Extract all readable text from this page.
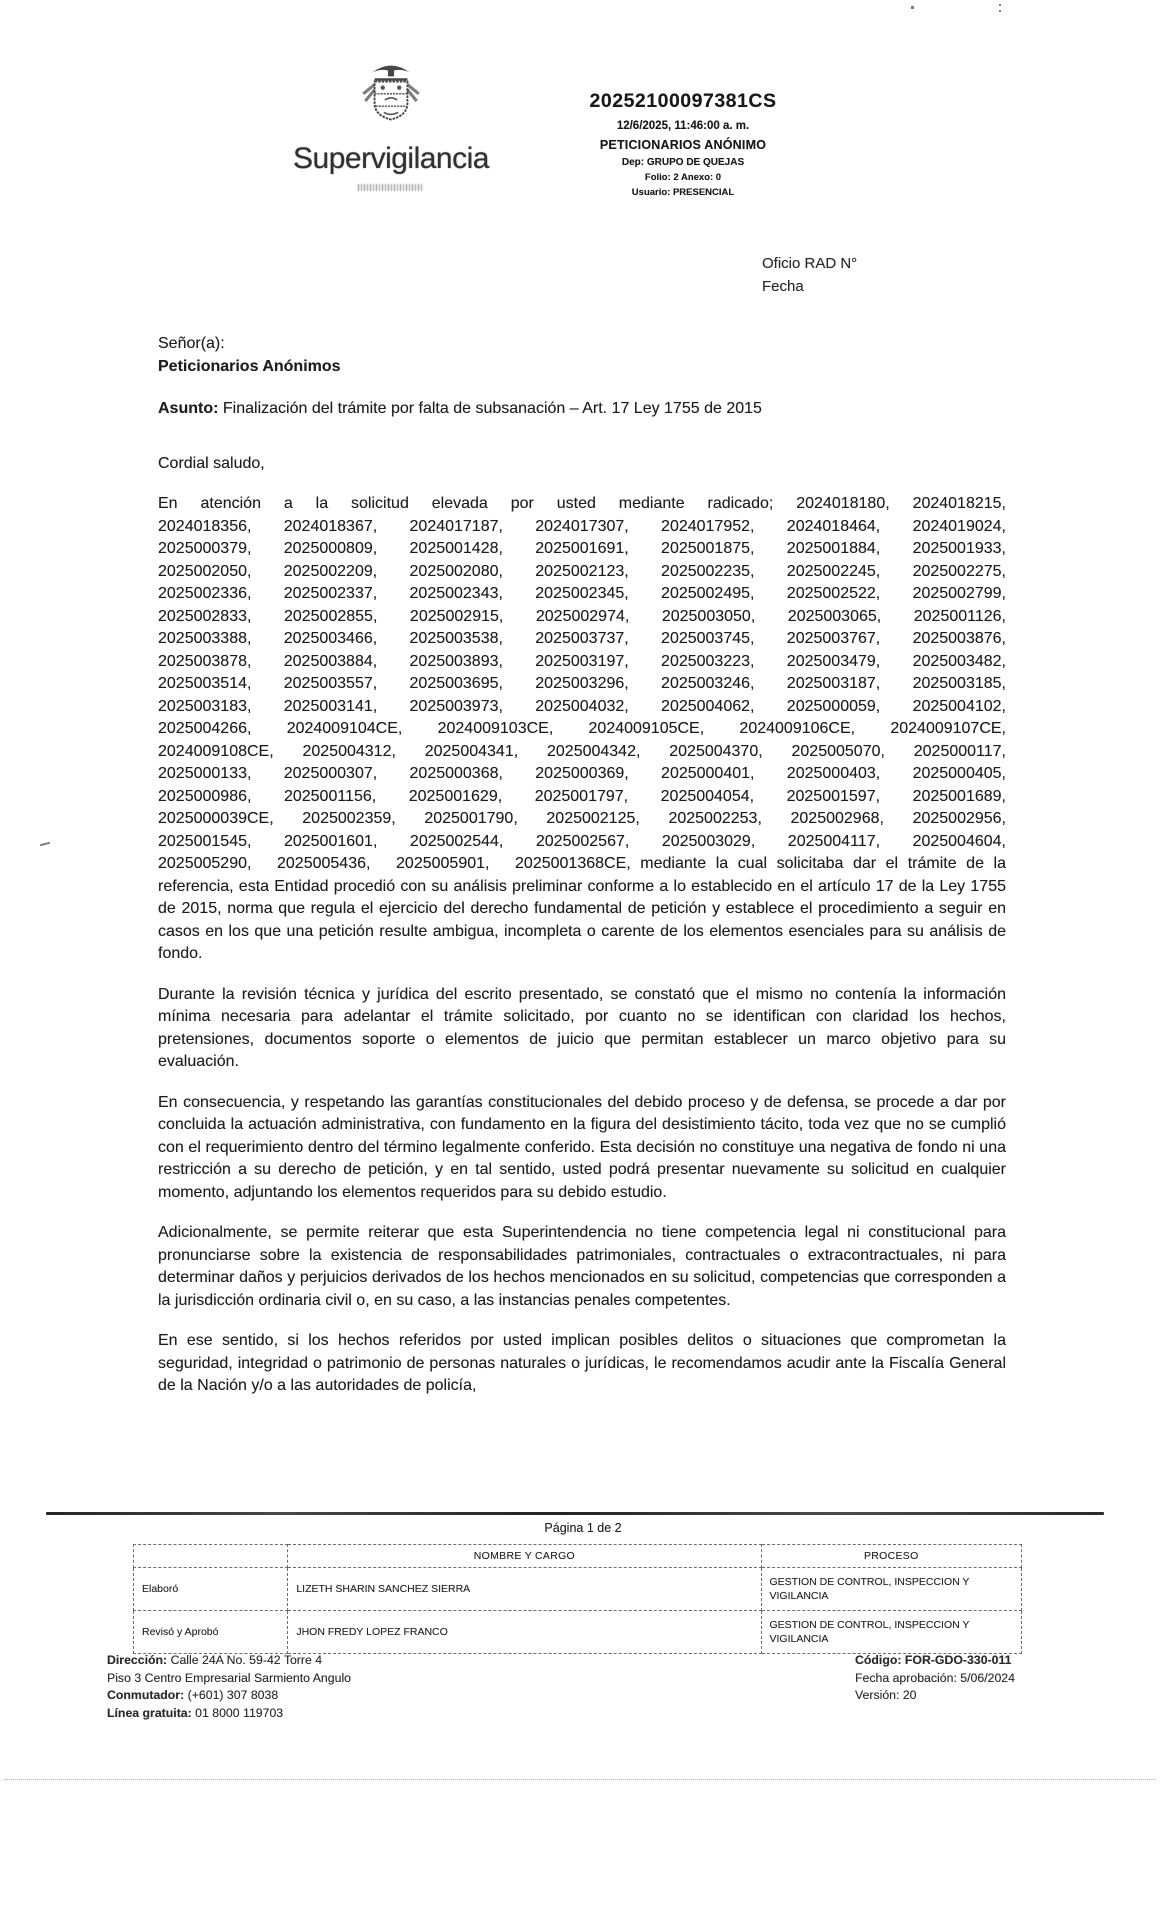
Supervigilancia
20252100097381CS
12/6/2025, 11:46:00 a. m.
PETICIONARIOS ANÓNIMO
Dep: GRUPO DE QUEJAS
Folio: 2 Anexo: 0
Usuario: PRESENCIAL
Oficio RAD N°
Fecha
Señor(a):
Peticionarios Anónimos

Asunto: Finalización del trámite por falta de subsanación – Art. 17 Ley 1755 de 2015

Cordial saludo,

En atención a la solicitud elevada por usted mediante radicado; 2024018180, 2024018215, 2024018356, 2024018367, 2024017187, 2024017307, 2024017952, 2024018464, 2024019024, 2025000379, 2025000809, 2025001428, 2025001691, 2025001875, 2025001884, 2025001933, 2025002050, 2025002209, 2025002080, 2025002123, 2025002235, 2025002245, 2025002275, 2025002336, 2025002337, 2025002343, 2025002345, 2025002495, 2025002522, 2025002799, 2025002833, 2025002855, 2025002915, 2025002974, 2025003050, 2025003065, 2025001126, 2025003388, 2025003466, 2025003538, 2025003737, 2025003745, 2025003767, 2025003876, 2025003878, 2025003884, 2025003893, 2025003197, 2025003223, 2025003479, 2025003482, 2025003514, 2025003557, 2025003695, 2025003296, 2025003246, 2025003187, 2025003185, 2025003183, 2025003141, 2025003973, 2025004032, 2025004062, 2025000059, 2025004102, 2025004266, 2024009104CE, 2024009103CE, 2024009105CE, 2024009106CE, 2024009107CE, 2024009108CE, 2025004312, 2025004341, 2025004342, 2025004370, 2025005070, 2025000117, 2025000133, 2025000307, 2025000368, 2025000369, 2025000401, 2025000403, 2025000405, 2025000986, 2025001156, 2025001629, 2025001797, 2025004054, 2025001597, 2025001689, 2025000039CE, 2025002359, 2025001790, 2025002125, 2025002253, 2025002968, 2025002956, 2025001545, 2025001601, 2025002544, 2025002567, 2025003029, 2025004117, 2025004604, 2025005290, 2025005436, 2025005901, 2025001368CE, mediante la cual solicitaba dar el trámite de la referencia, esta Entidad procedió con su análisis preliminar conforme a lo establecido en el artículo 17 de la Ley 1755 de 2015, norma que regula el ejercicio del derecho fundamental de petición y establece el procedimiento a seguir en casos en los que una petición resulte ambigua, incompleta o carente de los elementos esenciales para su análisis de fondo.

Durante la revisión técnica y jurídica del escrito presentado, se constató que el mismo no contenía la información mínima necesaria para adelantar el trámite solicitado, por cuanto no se identifican con claridad los hechos, pretensiones, documentos soporte o elementos de juicio que permitan establecer un marco objetivo para su evaluación.

En consecuencia, y respetando las garantías constitucionales del debido proceso y de defensa, se procede a dar por concluida la actuación administrativa, con fundamento en la figura del desistimiento tácito, toda vez que no se cumplió con el requerimiento dentro del término legalmente conferido. Esta decisión no constituye una negativa de fondo ni una restricción a su derecho de petición, y en tal sentido, usted podrá presentar nuevamente su solicitud en cualquier momento, adjuntando los elementos requeridos para su debido estudio.

Adicionalmente, se permite reiterar que esta Superintendencia no tiene competencia legal ni constitucional para pronunciarse sobre la existencia de responsabilidades patrimoniales, contractuales o extracontractuales, ni para determinar daños y perjuicios derivados de los hechos mencionados en su solicitud, competencias que corresponden a la jurisdicción ordinaria civil o, en su caso, a las instancias penales competentes.

En ese sentido, si los hechos referidos por usted implican posibles delitos o situaciones que comprometan la seguridad, integridad o patrimonio de personas naturales o jurídicas, le recomendamos acudir ante la Fiscalía General de la Nación y/o a las autoridades de policía,

Página 1 de 2
	NOMBRE Y CARGO	PROCESO
Elaboró	LIZETH SHARIN SANCHEZ SIERRA	GESTION DE CONTROL, INSPECCION Y VIGILANCIA
Revisó y Aprobó	JHON FREDY LOPEZ FRANCO	GESTION DE CONTROL, INSPECCION Y VIGILANCIA
Dirección: Calle 24A No. 59-42 Torre 4
Piso 3 Centro Empresarial Sarmiento Angulo
Conmutador: (+601) 307 8038
Línea gratuita: 01 8000 119703
Código: FOR-GDO-330-011
Fecha aprobación: 5/06/2024
Versión: 20
